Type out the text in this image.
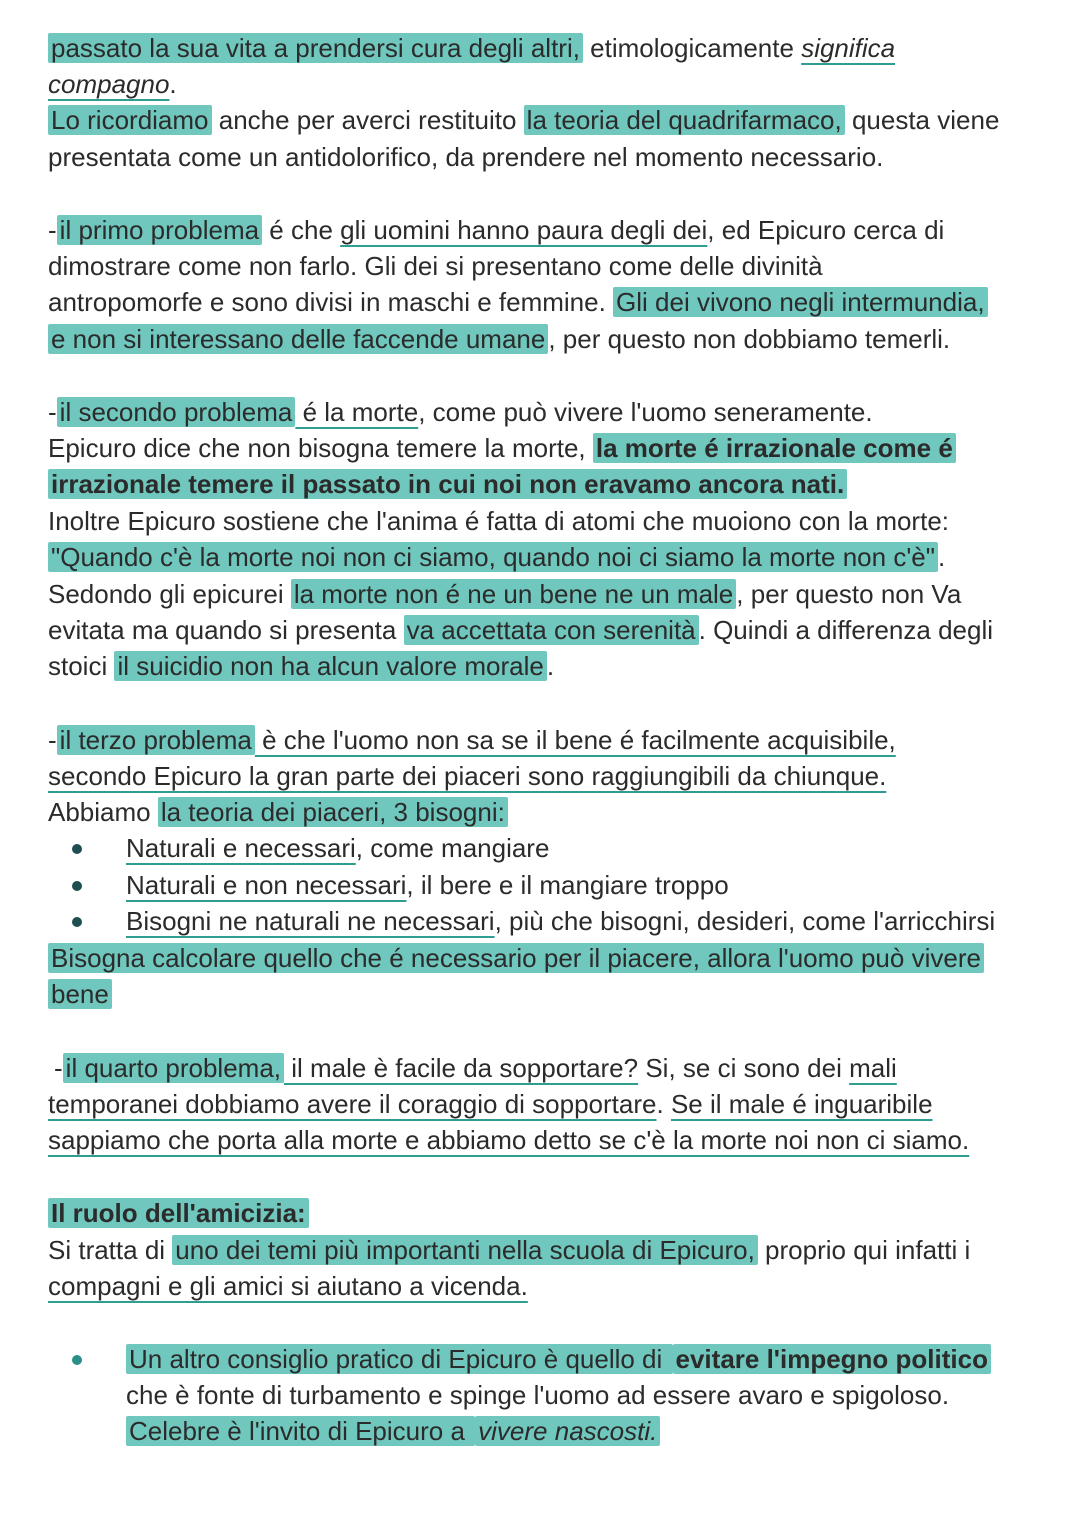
passato la sua vita a prendersi cura degli altri, etimologicamente significa
compagno.
Lo ricordiamo anche per averci restituito la teoria del quadrifarmaco, questa viene
presentata come un antidolorifico, da prendere nel momento necessario.
- il primo problema é che gli uomini hanno paura degli dei, ed Epicuro cerca di
dimostrare come non farlo. Gli dei si presentano come delle divinità
antropomorfe e sono divisi in maschi e femmine. Gli dei vivono negli intermundia,
e non si interessano delle faccende umane , per questo non dobbiamo temerli.
- il secondo problema é la morte, come può vivere l'uomo seneramente.
Epicuro dice che non bisogna temere la morte, la morte é irrazionale come é
irrazionale temere il passato in cui noi non eravamo ancora nati.
Inoltre Epicuro sostiene che l'anima é fatta di atomi che muoiono con la morte:
"Quando c'è la morte noi non ci siamo, quando noi ci siamo la morte non c'è" .
Sedondo gli epicurei la morte non é ne un bene ne un male , per questo non Va
evitata ma quando si presenta va accettata con serenità . Quindi a differenza degli
stoici il suicidio non ha alcun valore morale .
- il terzo problema è che l'uomo non sa se il bene é facilmente acquisibile,
secondo Epicuro la gran parte dei piaceri sono raggiungibili da chiunque.
Abbiamo la teoria dei piaceri, 3 bisogni:
Naturali e necessari, come mangiare
Naturali e non necessari, il bere e il mangiare troppo
Bisogni ne naturali ne necessari, più che bisogni, desideri, come l'arricchirsi
Bisogna calcolare quello che é necessario per il piacere, allora l'uomo può vivere
bene
- il quarto problema, il male è facile da sopportare? Si, se ci sono dei mali
temporanei dobbiamo avere il coraggio di sopportare. Se il male é inguaribile
sappiamo che porta alla morte e abbiamo detto se c'è la morte noi non ci siamo.
Il ruolo dell'amicizia:
Si tratta di uno dei temi più importanti nella scuola di Epicuro, proprio qui infatti i
compagni e gli amici si aiutano a vicenda.
Un altro consiglio pratico di Epicuro è quello di evitare l'impegno politico
che è fonte di turbamento e spinge l'uomo ad essere avaro e spigoloso.
Celebre è l'invito di Epicuro a vivere nascosti.
